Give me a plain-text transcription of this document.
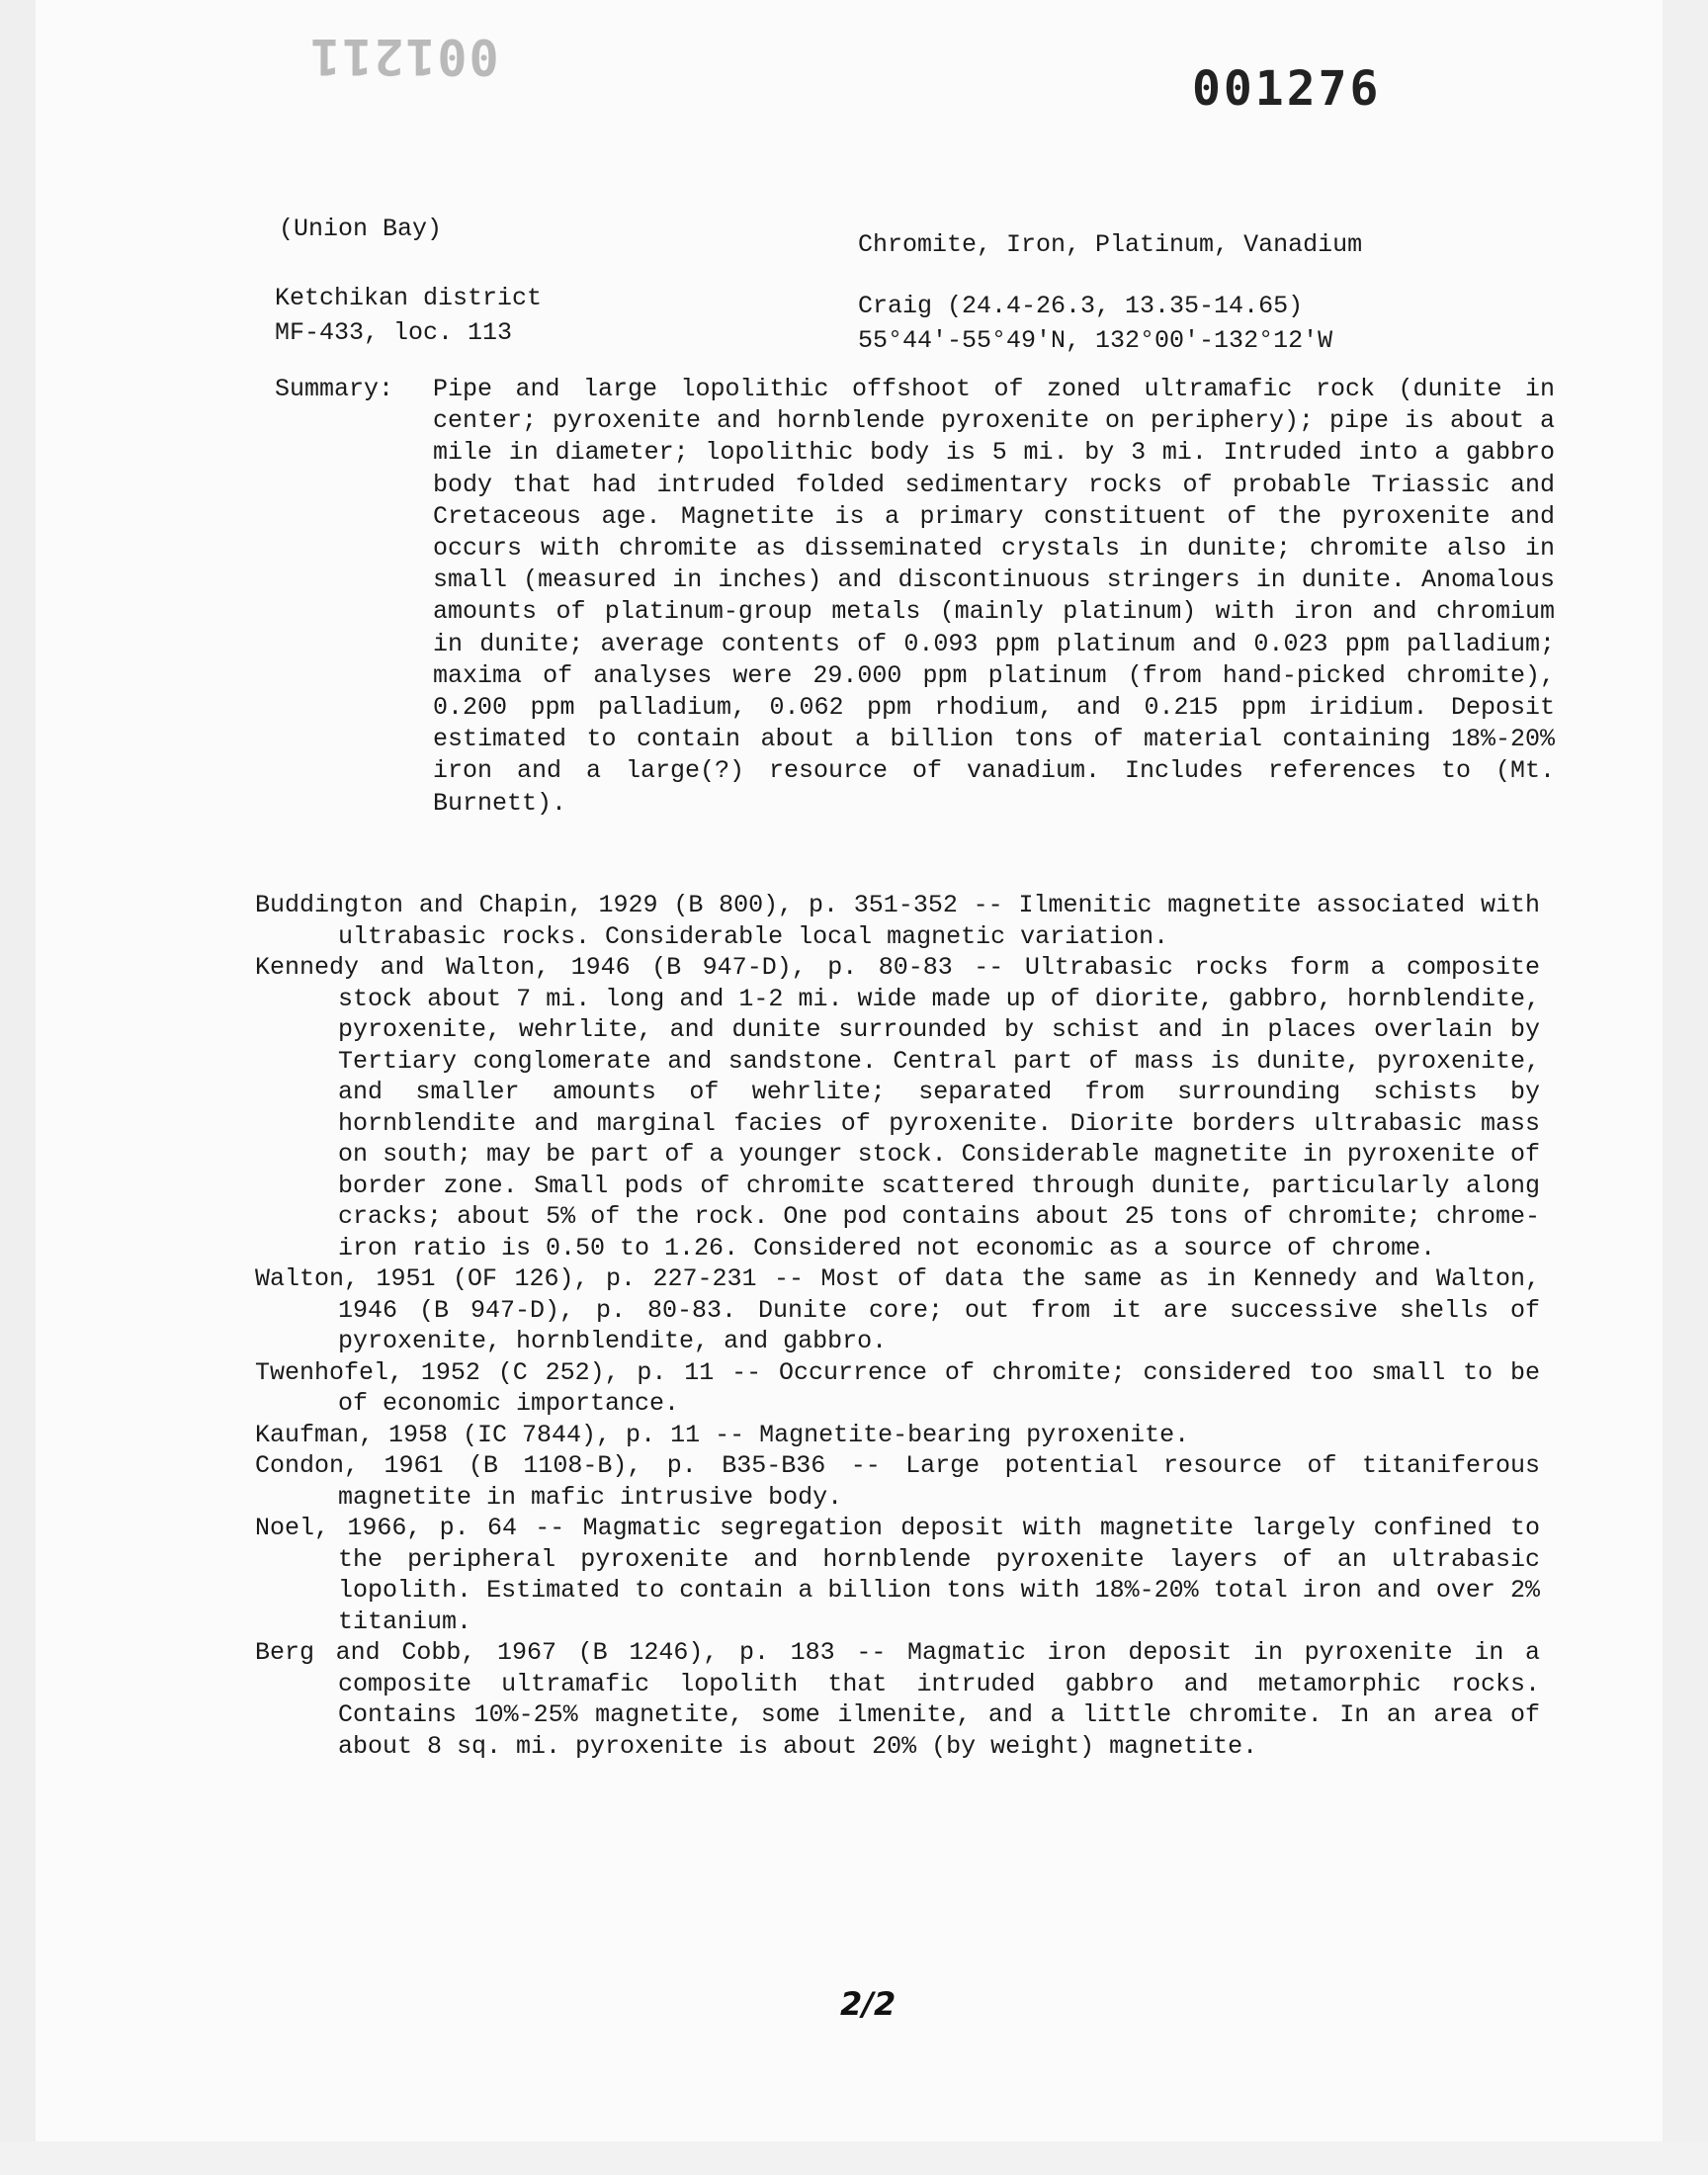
001211
001276
(Union Bay)
Chromite, Iron, Platinum, Vanadium
Ketchikan district
MF-433, loc. 113
Craig (24.4-26.3, 13.35-14.65)
55°44'-55°49'N, 132°00'-132°12'W
Summary: Pipe and large lopolithic offshoot of zoned ultramafic rock (dunite in center; pyroxenite and hornblende pyroxenite on periphery); pipe is about a mile in diameter; lopolithic body is 5 mi. by 3 mi. Intruded into a gabbro body that had intruded folded sedimentary rocks of probable Triassic and Cretaceous age. Magnetite is a primary constituent of the pyroxenite and occurs with chromite as disseminated crystals in dunite; chromite also in small (measured in inches) and discontinuous stringers in dunite. Anomalous amounts of platinum-group metals (mainly platinum) with iron and chromium in dunite; average contents of 0.093 ppm platinum and 0.023 ppm palladium; maxima of analyses were 29.000 ppm platinum (from hand-picked chromite), 0.200 ppm palladium, 0.062 ppm rhodium, and 0.215 ppm iridium. Deposit estimated to contain about a billion tons of material containing 18%-20% iron and a large(?) resource of vanadium. Includes references to (Mt. Burnett).

Buddington and Chapin, 1929 (B 800), p. 351-352 -- Ilmenitic magnetite associated with ultrabasic rocks. Considerable local magnetic variation.

Kennedy and Walton, 1946 (B 947-D), p. 80-83 -- Ultrabasic rocks form a composite stock about 7 mi. long and 1-2 mi. wide made up of diorite, gabbro, hornblendite, pyroxenite, wehrlite, and dunite surrounded by schist and in places overlain by Tertiary conglomerate and sandstone. Central part of mass is dunite, pyroxenite, and smaller amounts of wehrlite; separated from surrounding schists by hornblendite and marginal facies of pyroxenite. Diorite borders ultrabasic mass on south; may be part of a younger stock. Considerable magnetite in pyroxenite of border zone. Small pods of chromite scattered through dunite, particularly along cracks; about 5% of the rock. One pod contains about 25 tons of chromite; chrome-iron ratio is 0.50 to 1.26. Considered not economic as a source of chrome.

Walton, 1951 (OF 126), p. 227-231 -- Most of data the same as in Kennedy and Walton, 1946 (B 947-D), p. 80-83. Dunite core; out from it are successive shells of pyroxenite, hornblendite, and gabbro.

Twenhofel, 1952 (C 252), p. 11 -- Occurrence of chromite; considered too small to be of economic importance.

Kaufman, 1958 (IC 7844), p. 11 -- Magnetite-bearing pyroxenite.

Condon, 1961 (B 1108-B), p. B35-B36 -- Large potential resource of titaniferous magnetite in mafic intrusive body.

Noel, 1966, p. 64 -- Magmatic segregation deposit with magnetite largely confined to the peripheral pyroxenite and hornblende pyroxenite layers of an ultrabasic lopolith. Estimated to contain a billion tons with 18%-20% total iron and over 2% titanium.

Berg and Cobb, 1967 (B 1246), p. 183 -- Magmatic iron deposit in pyroxenite in a composite ultramafic lopolith that intruded gabbro and metamorphic rocks. Contains 10%-25% magnetite, some ilmenite, and a little chromite. In an area of about 8 sq. mi. pyroxenite is about 20% (by weight) magnetite.

2/2
